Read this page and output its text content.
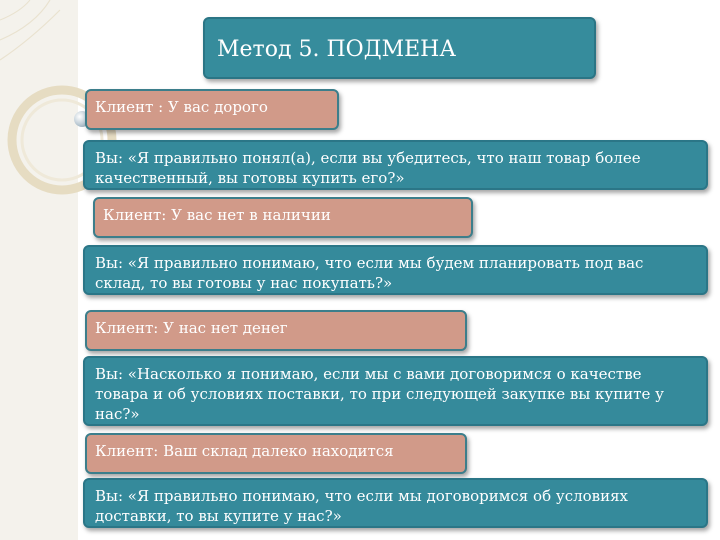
Метод 5. ПОДМЕНА
Клиент : У вас дорого
Вы: «Я правильно понял(а), если вы убедитесь, что наш товар более качественный, вы готовы купить его?»
Клиент: У вас нет в наличии
Вы: «Я правильно понимаю, что если мы будем планировать под вас склад, то вы готовы у нас покупать?»
Клиент: У нас нет денег
Вы: «Насколько я понимаю, если мы с вами договоримся о качестве товара и об условиях поставки, то при следующей закупке вы купите у нас?»
Клиент: Ваш склад далеко находится
Вы: «Я правильно понимаю, что если мы договоримся об условиях доставки, то вы купите у нас?»
